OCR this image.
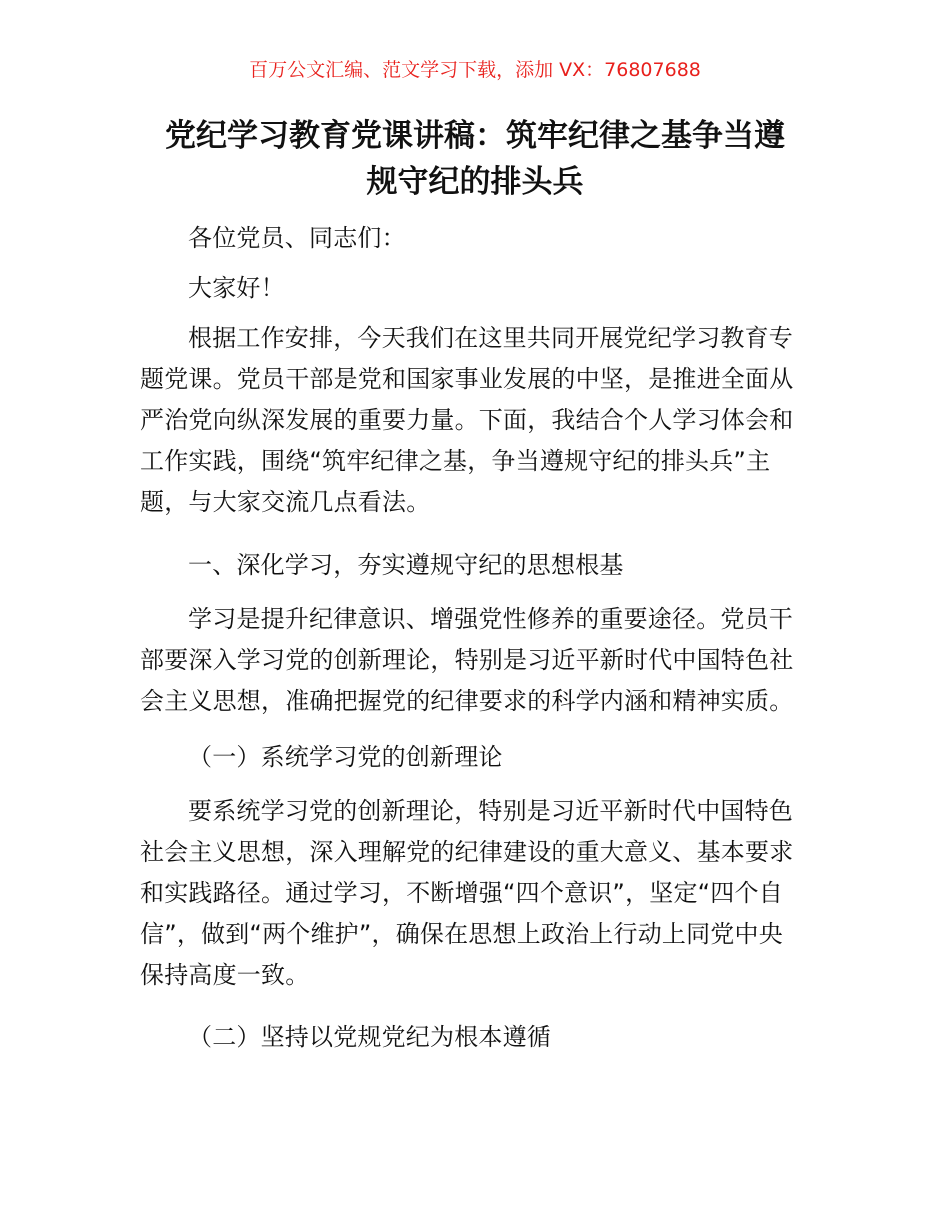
百万公文汇编、范文学习下载，添加 VX：76807688
党纪学习教育党课讲稿：筑牢纪律之基争当遵
规守纪的排头兵

各位党员、同志们：

大家好！

根据工作安排，今天我们在这里共同开展党纪学习教育专
题党课。党员干部是党和国家事业发展的中坚，是推进全面从
严治党向纵深发展的重要力量。下面，我结合个人学习体会和
工作实践，围绕“筑牢纪律之基，争当遵规守纪的排头兵”主
题，与大家交流几点看法。

一、深化学习，夯实遵规守纪的思想根基

学习是提升纪律意识、增强党性修养的重要途径。党员干
部要深入学习党的创新理论，特别是习近平新时代中国特色社
会主义思想，准确把握党的纪律要求的科学内涵和精神实质。

（一）系统学习党的创新理论

要系统学习党的创新理论，特别是习近平新时代中国特色
社会主义思想，深入理解党的纪律建设的重大意义、基本要求
和实践路径。通过学习，不断增强“四个意识”，坚定“四个自
信”，做到“两个维护”，确保在思想上政治上行动上同党中央
保持高度一致。

（二）坚持以党规党纪为根本遵循
